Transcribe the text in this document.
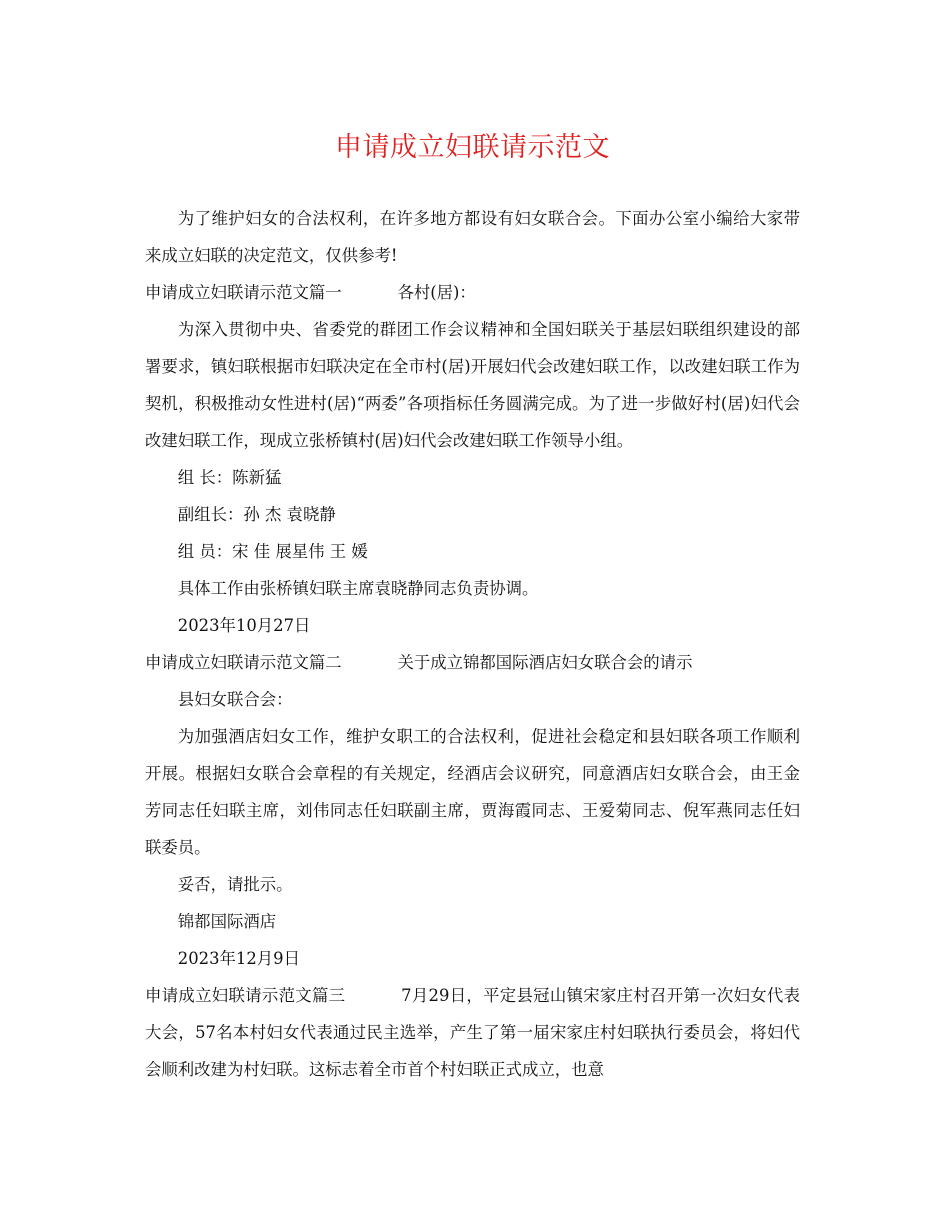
申请成立妇联请示范文

为了维护妇女的合法权利，在许多地方都设有妇女联合会。下面办公室小编给大家带来成立妇联的决定范文，仅供参考!

申请成立妇联请示范文篇一	各村(居)：

为深入贯彻中央、省委党的群团工作会议精神和全国妇联关于基层妇联组织建设的部署要求，镇妇联根据市妇联决定在全市村(居)开展妇代会改建妇联工作，以改建妇联工作为契机，积极推动女性进村(居)“两委”各项指标任务圆满完成。为了进一步做好村(居)妇代会改建妇联工作，现成立张桥镇村(居)妇代会改建妇联工作领导小组。

组 长：陈新猛

副组长：孙 杰 袁晓静

组 员：宋 佳 展星伟 王 媛

具体工作由张桥镇妇联主席袁晓静同志负责协调。

2023年10月27日

申请成立妇联请示范文篇二	关于成立锦都国际酒店妇女联合会的请示

县妇女联合会：

为加强酒店妇女工作，维护女职工的合法权利，促进社会稳定和县妇联各项工作顺利开展。根据妇女联合会章程的有关规定，经酒店会议研究，同意酒店妇女联合会，由王金芳同志任妇联主席，刘伟同志任妇联副主席，贾海霞同志、王爱菊同志、倪军燕同志任妇联委员。

妥否，请批示。

锦都国际酒店

2023年12月9日

申请成立妇联请示范文篇三	7月29日，平定县冠山镇宋家庄村召开第一次妇女代表大会，57名本村妇女代表通过民主选举，产生了第一届宋家庄村妇联执行委员会，将妇代会顺利改建为村妇联。这标志着全市首个村妇联正式成立，也意
